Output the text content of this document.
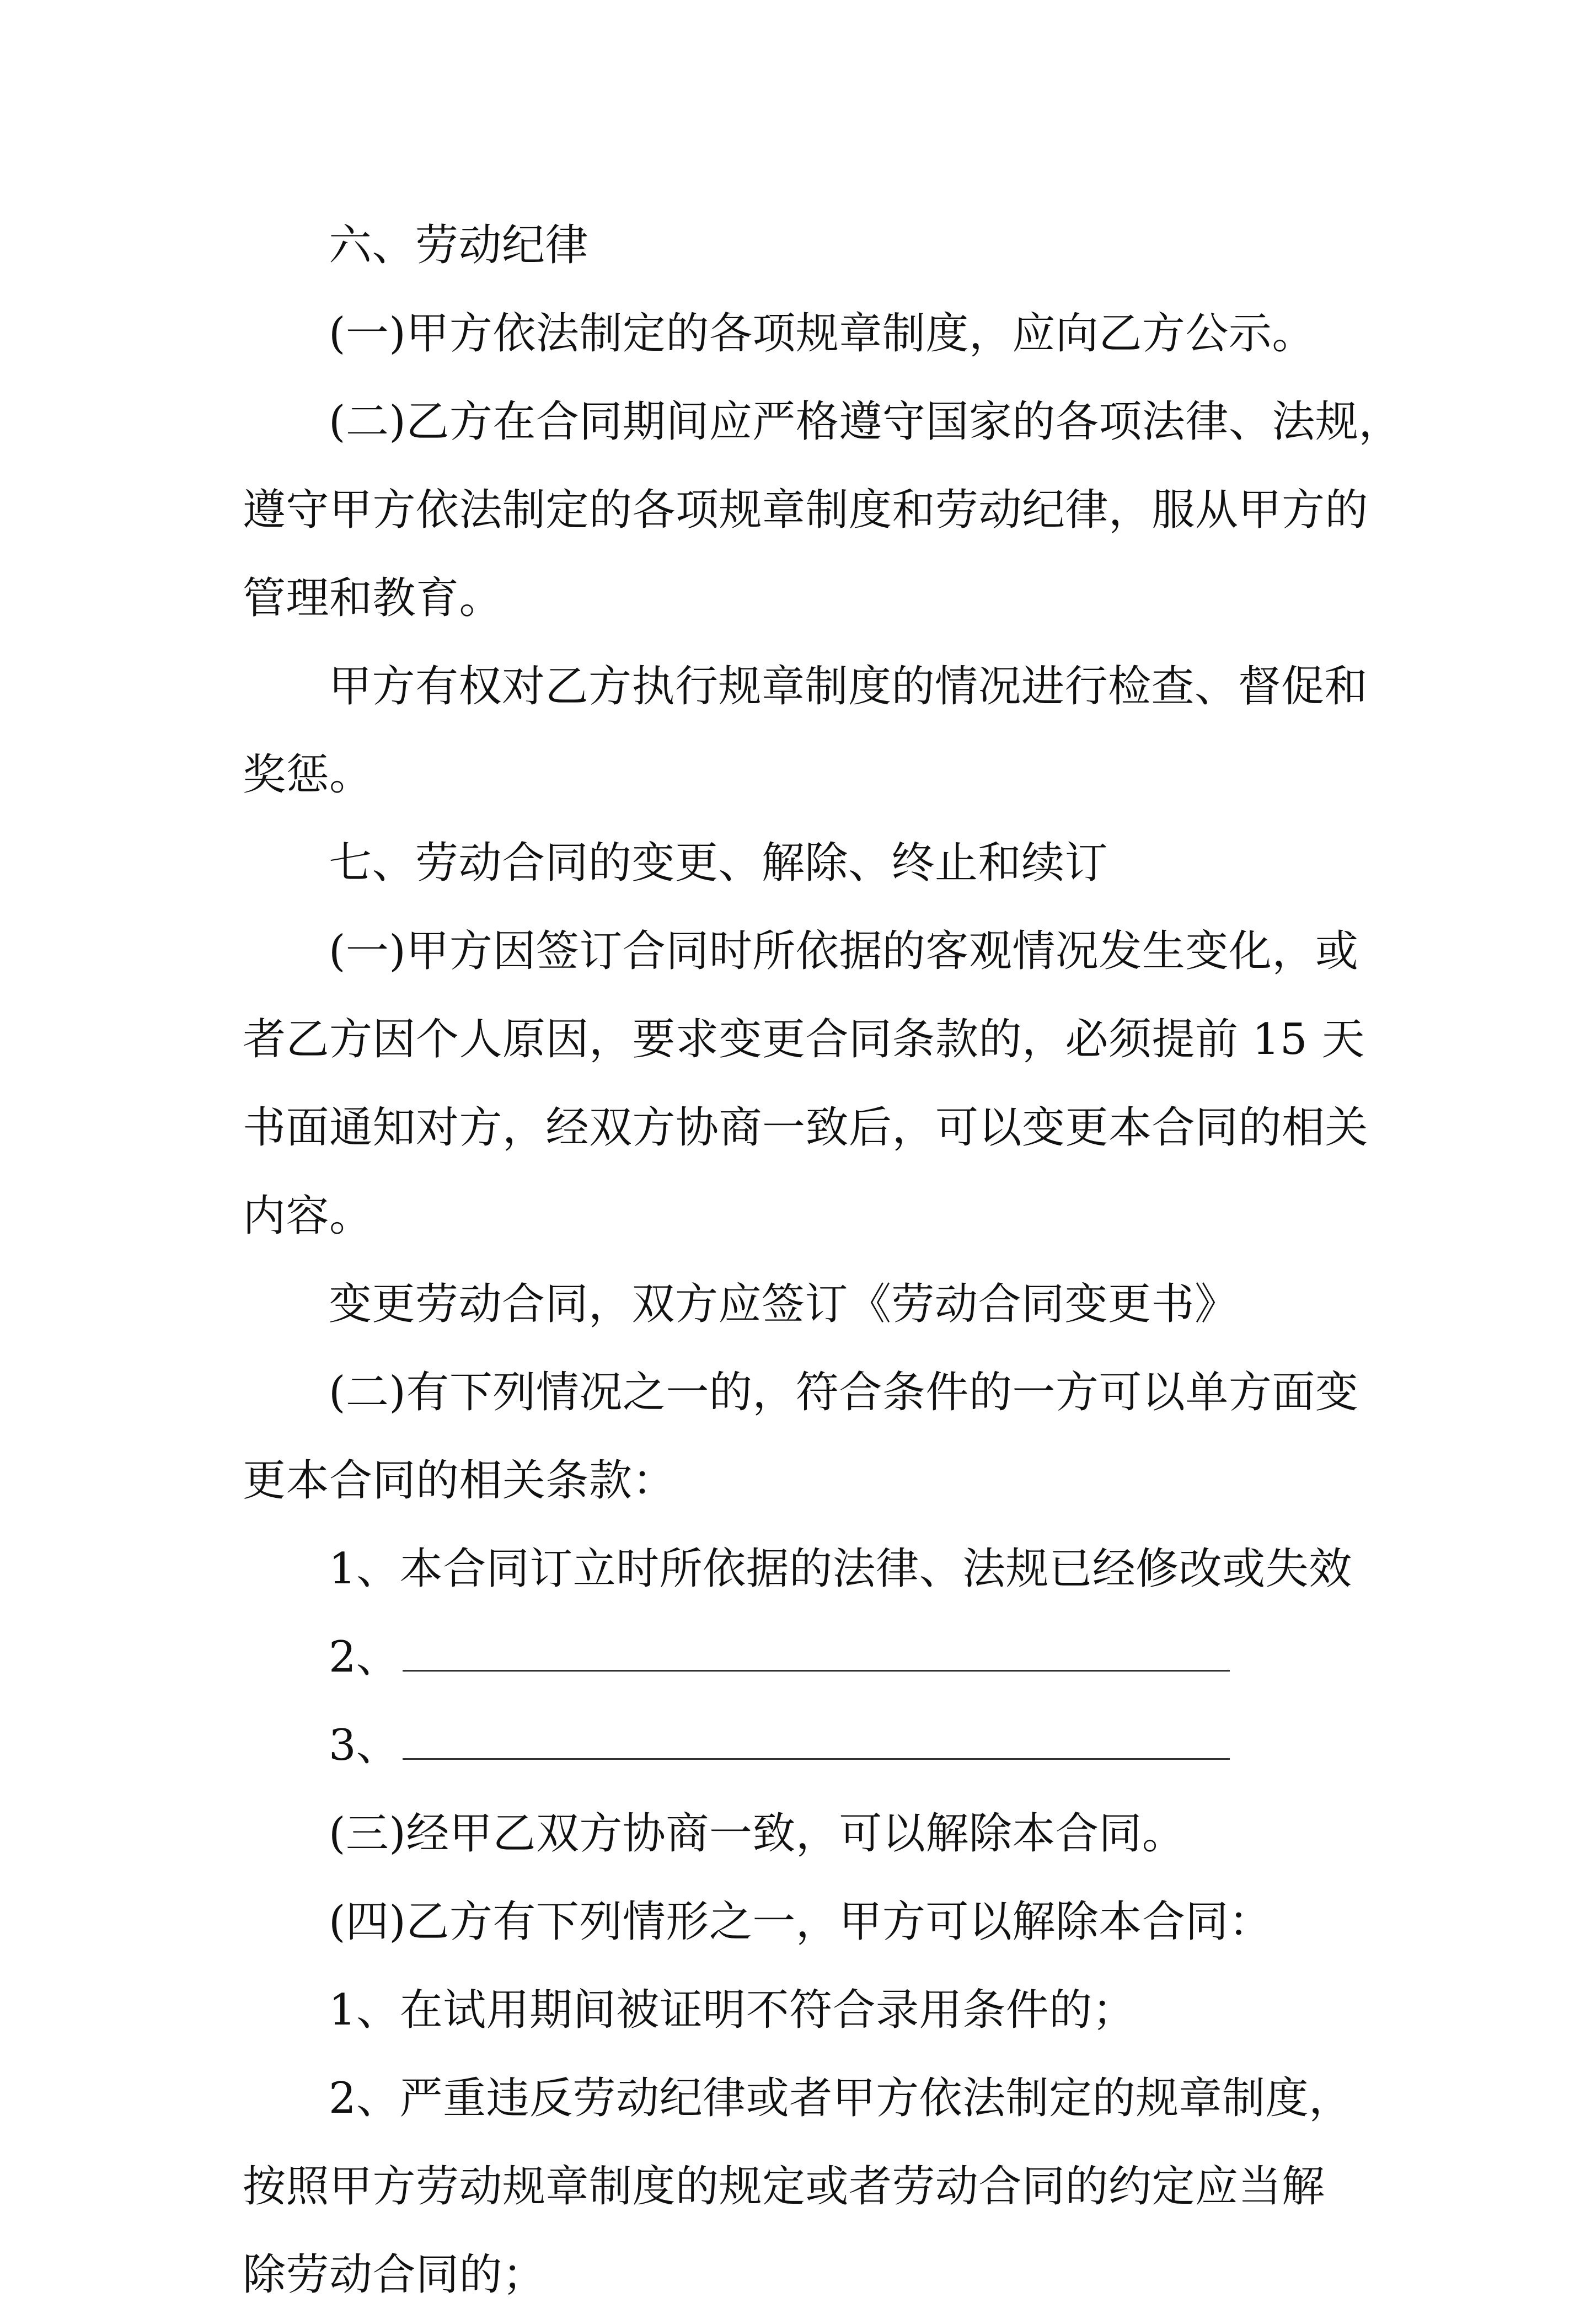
六、劳动纪律

(一)甲方依法制定的各项规章制度，应向乙方公示。

(二)乙方在合同期间应严格遵守国家的各项法律、法规，
遵守甲方依法制定的各项规章制度和劳动纪律，服从甲方的
管理和教育。

甲方有权对乙方执行规章制度的情况进行检查、督促和
奖惩。

七、劳动合同的变更、解除、终止和续订

(一)甲方因签订合同时所依据的客观情况发生变化，或
者乙方因个人原因，要求变更合同条款的，必须提前 15 天
书面通知对方，经双方协商一致后，可以变更本合同的相关
内容。

变更劳动合同，双方应签订《劳动合同变更书》

(二)有下列情况之一的，符合条件的一方可以单方面变
更本合同的相关条款：

1、本合同订立时所依据的法律、法规已经修改或失效

2、
3、

(三)经甲乙双方协商一致，可以解除本合同。

(四)乙方有下列情形之一，甲方可以解除本合同：

1、在试用期间被证明不符合录用条件的；

2、严重违反劳动纪律或者甲方依法制定的规章制度，
按照甲方劳动规章制度的规定或者劳动合同的约定应当解
除劳动合同的；
